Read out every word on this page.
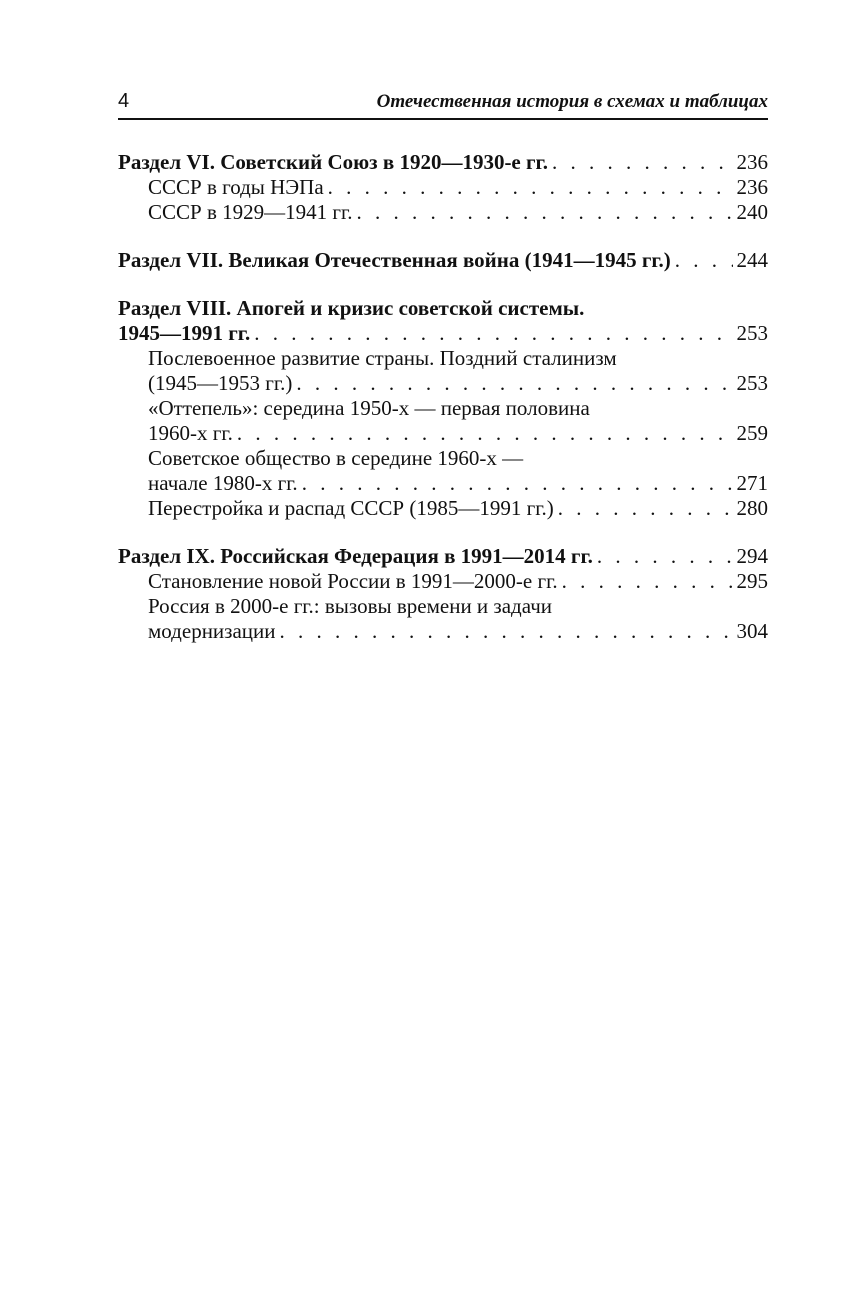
4	Отечественная история в схемах и таблицах
Раздел VI. Советский Союз в 1920—1930-е гг. . . .	236
СССР в годы НЭПа . . .	236
СССР в 1929—1941 гг. . . .	240
Раздел VII. Великая Отечественная война (1941—1945 гг.) . . .	244
Раздел VIII. Апогей и кризис советской системы.
1945—1991 гг. . . .	253
Послевоенное развитие страны. Поздний сталинизм
(1945—1953 гг.) . . .	253
«Оттепель»: середина 1950-х — первая половина
1960-х гг. . . .	259
Советское общество в середине 1960-х —
начале 1980-х гг. . . .	271
Перестройка и распад СССР (1985—1991 гг.) . . .	280
Раздел IX. Российская Федерация в 1991—2014 гг. . . .	294
Становление новой России в 1991—2000-е гг. . . .	295
Россия в 2000-е гг.: вызовы времени и задачи
модернизации . . .	304
